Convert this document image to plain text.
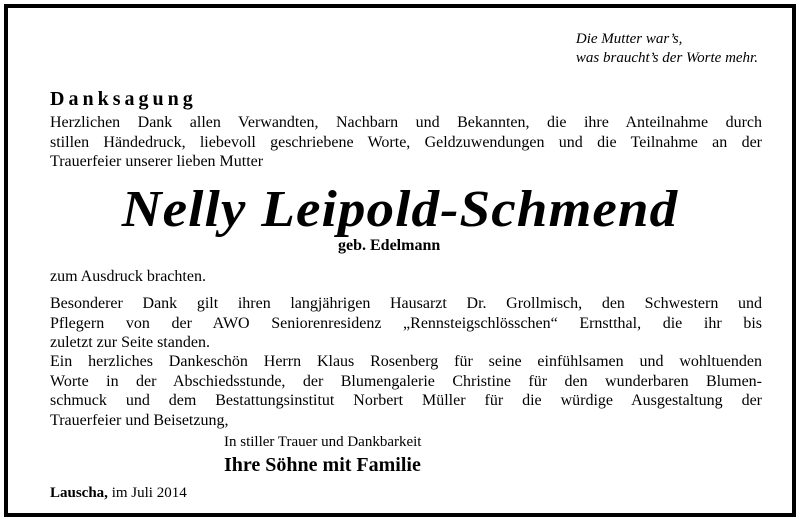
Die Mutter war’s,
was braucht’s der Worte mehr.
Danksagung
Herzlichen Dank allen Verwandten, Nachbarn und Bekannten, die ihre Anteilnahme durch
stillen Händedruck, liebevoll geschriebene Worte, Geldzuwendungen und die Teilnahme an der
Trauerfeier unserer lieben Mutter
Nelly Leipold-Schmend
geb. Edelmann
zum Ausdruck brachten.
Besonderer Dank gilt ihren langjährigen Hausarzt Dr. Grollmisch, den Schwestern und
Pflegern von der AWO Seniorenresidenz „Rennsteigschlösschen“ Ernstthal, die ihr bis
zuletzt zur Seite standen.
Ein herzliches Dankeschön Herrn Klaus Rosenberg für seine einfühlsamen und wohltuenden
Worte in der Abschiedsstunde, der Blumengalerie Christine für den wunderbaren Blumen-
schmuck und dem Bestattungsinstitut Norbert Müller für die würdige Ausgestaltung der
Trauerfeier und Beisetzung,
In stiller Trauer und Dankbarkeit
Ihre Söhne mit Familie
Lauscha, im Juli 2014
